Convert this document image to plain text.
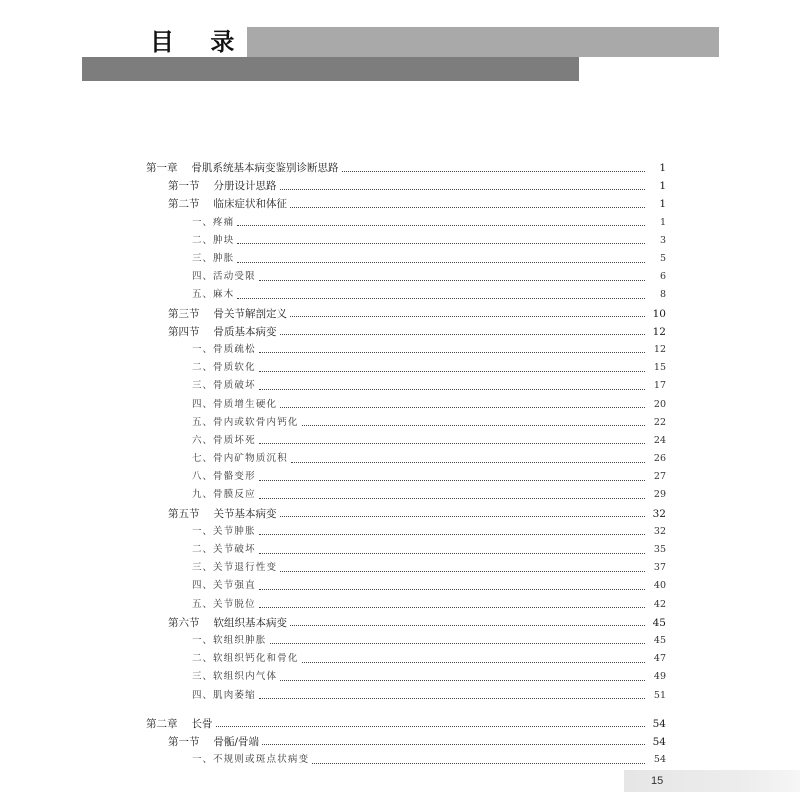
目 录
第一章 骨肌系统基本病变鉴别诊断思路	1
第一节 分册设计思路	1
第二节 临床症状和体征	1
一、 疼痛	1
二、 肿块	3
三、 肿胀	5
四、 活动受限	6
五、 麻木	8
第三节 骨关节解剖定义	10
第四节 骨质基本病变	12
一、 骨质疏松	12
二、 骨质软化	15
三、 骨质破坏	17
四、 骨质增生硬化	20
五、 骨内或软骨内钙化	22
六、 骨质坏死	24
七、 骨内矿物质沉积	26
八、 骨骼变形	27
九、 骨膜反应	29
第五节 关节基本病变	32
一、 关节肿胀	32
二、 关节破坏	35
三、 关节退行性变	37
四、 关节强直	40
五、 关节脱位	42
第六节 软组织基本病变	45
一、 软组织肿胀	45
二、 软组织钙化和骨化	47
三、 软组织内气体	49
四、 肌肉萎缩	51
第二章 长骨	54
第一节 骨骺/骨端	54
一、 不规则或斑点状病变	54
15
